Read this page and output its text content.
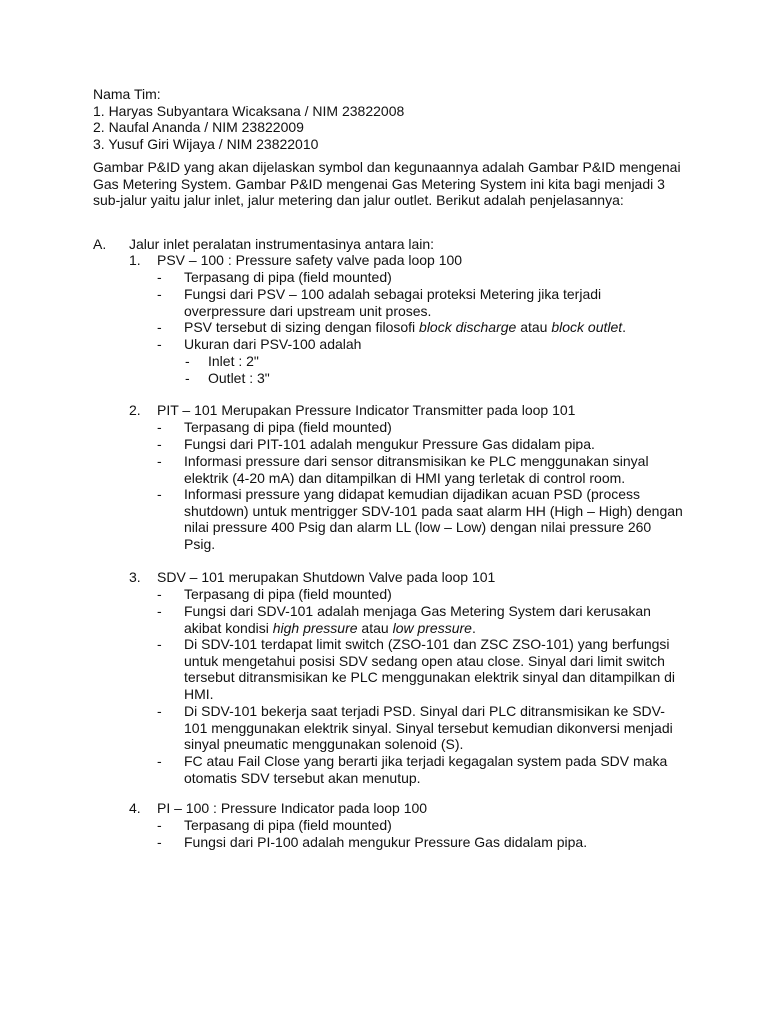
Nama Tim:
1. Haryas Subyantara Wicaksana / NIM 23822008
2. Naufal Ananda / NIM 23822009
3. Yusuf Giri Wijaya / NIM 23822010
Gambar P&ID yang akan dijelaskan symbol dan kegunaannya adalah Gambar P&ID mengenai Gas Metering System. Gambar P&ID mengenai Gas Metering System ini kita bagi menjadi 3 sub-jalur yaitu jalur inlet, jalur metering dan jalur outlet. Berikut adalah penjelasannya:
A. Jalur inlet peralatan instrumentasinya antara lain:
1. PSV – 100 : Pressure safety valve pada loop 100
- Terpasang di pipa (field mounted)
- Fungsi dari PSV – 100 adalah sebagai proteksi Metering jika terjadi overpressure dari upstream unit proses.
- PSV tersebut di sizing dengan filosofi block discharge atau block outlet.
- Ukuran dari PSV-100 adalah
- Inlet : 2"
- Outlet : 3"
2. PIT – 101 Merupakan Pressure Indicator Transmitter pada loop 101
- Terpasang di pipa (field mounted)
- Fungsi dari PIT-101 adalah mengukur Pressure Gas didalam pipa.
- Informasi pressure dari sensor ditransmisikan ke PLC menggunakan sinyal elektrik (4-20 mA) dan ditampilkan di HMI yang terletak di control room.
- Informasi pressure yang didapat kemudian dijadikan acuan PSD (process shutdown) untuk mentrigger SDV-101 pada saat alarm HH (High – High) dengan nilai pressure 400 Psig dan alarm LL (low – Low) dengan nilai pressure 260 Psig.
3. SDV – 101 merupakan Shutdown Valve pada loop 101
- Terpasang di pipa (field mounted)
- Fungsi dari SDV-101 adalah menjaga Gas Metering System dari kerusakan akibat kondisi high pressure atau low pressure.
- Di SDV-101 terdapat limit switch (ZSO-101 dan ZSC ZSO-101) yang berfungsi untuk mengetahui posisi SDV sedang open atau close. Sinyal dari limit switch tersebut ditransmisikan ke PLC menggunakan elektrik sinyal dan ditampilkan di HMI.
- Di SDV-101 bekerja saat terjadi PSD. Sinyal dari PLC ditransmisikan ke SDV-101 menggunakan elektrik sinyal. Sinyal tersebut kemudian dikonversi menjadi sinyal pneumatic menggunakan solenoid (S).
- FC atau Fail Close yang berarti jika terjadi kegagalan system pada SDV maka otomatis SDV tersebut akan menutup.
4. PI – 100 : Pressure Indicator pada loop 100
- Terpasang di pipa (field mounted)
- Fungsi dari PI-100 adalah mengukur Pressure Gas didalam pipa.
